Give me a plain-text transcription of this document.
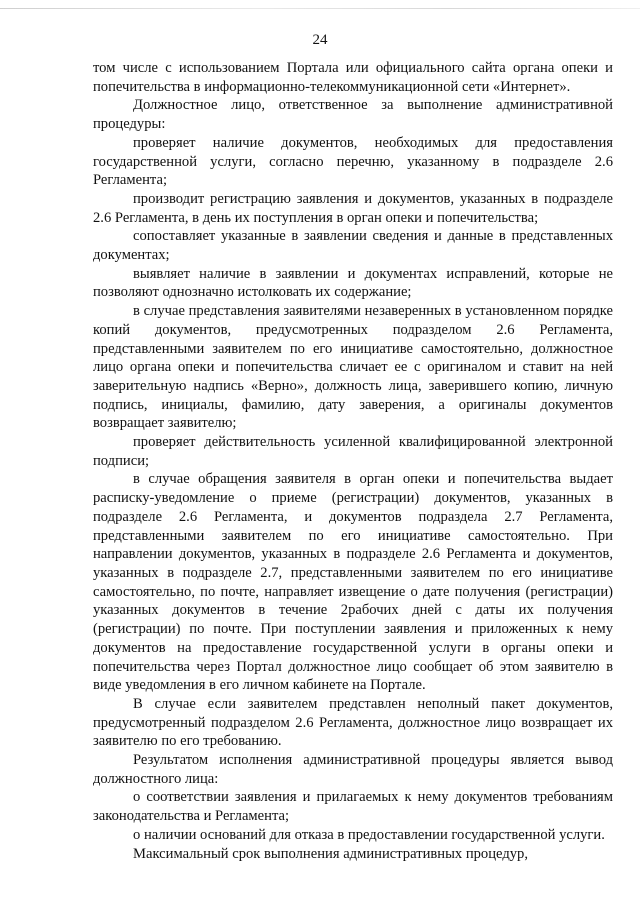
24

том числе с использованием Портала или официального сайта органа опеки и попечительства в информационно-телекоммуникационной сети «Интернет».

Должностное лицо, ответственное за выполнение административной процедуры:

проверяет наличие документов, необходимых для предоставления государственной услуги, согласно перечню, указанному в подразделе 2.6 Регламента;

производит регистрацию заявления и документов, указанных в подразделе 2.6 Регламента, в день их поступления в орган опеки и попечительства;

сопоставляет указанные в заявлении сведения и данные в представленных документах;

выявляет наличие в заявлении и документах исправлений, которые не позволяют однозначно истолковать их содержание;

в случае представления заявителями незаверенных в установленном порядке копий документов, предусмотренных подразделом 2.6 Регламента, представленными заявителем по его инициативе самостоятельно, должностное лицо органа опеки и попечительства сличает ее с оригиналом и ставит на ней заверительную надпись «Верно», должность лица, заверившего копию, личную подпись, инициалы, фамилию, дату заверения, а оригиналы документов возвращает заявителю;

проверяет действительность усиленной квалифицированной электронной подписи;

в случае обращения заявителя в орган опеки и попечительства выдает расписку-уведомление о приеме (регистрации) документов, указанных в подразделе 2.6 Регламента, и документов подраздела 2.7 Регламента, представленными заявителем по его инициативе самостоятельно. При направлении документов, указанных в подразделе 2.6 Регламента и документов, указанных в подразделе 2.7, представленными заявителем по его инициативе самостоятельно, по почте, направляет извещение о дате получения (регистрации) указанных документов в течение 2рабочих дней с даты их получения (регистрации) по почте. При поступлении заявления и приложенных к нему документов на предоставление государственной услуги в органы опеки и попечительства через Портал должностное лицо сообщает об этом заявителю в виде уведомления в его личном кабинете на Портале.

В случае если заявителем представлен неполный пакет документов, предусмотренный подразделом 2.6 Регламента, должностное лицо возвращает их заявителю по его требованию.

Результатом исполнения административной процедуры является вывод должностного лица:

о соответствии заявления и прилагаемых к нему документов требованиям законодательства и Регламента;

о наличии оснований для отказа в предоставлении государственной услуги.

Максимальный срок выполнения административных процедур,
